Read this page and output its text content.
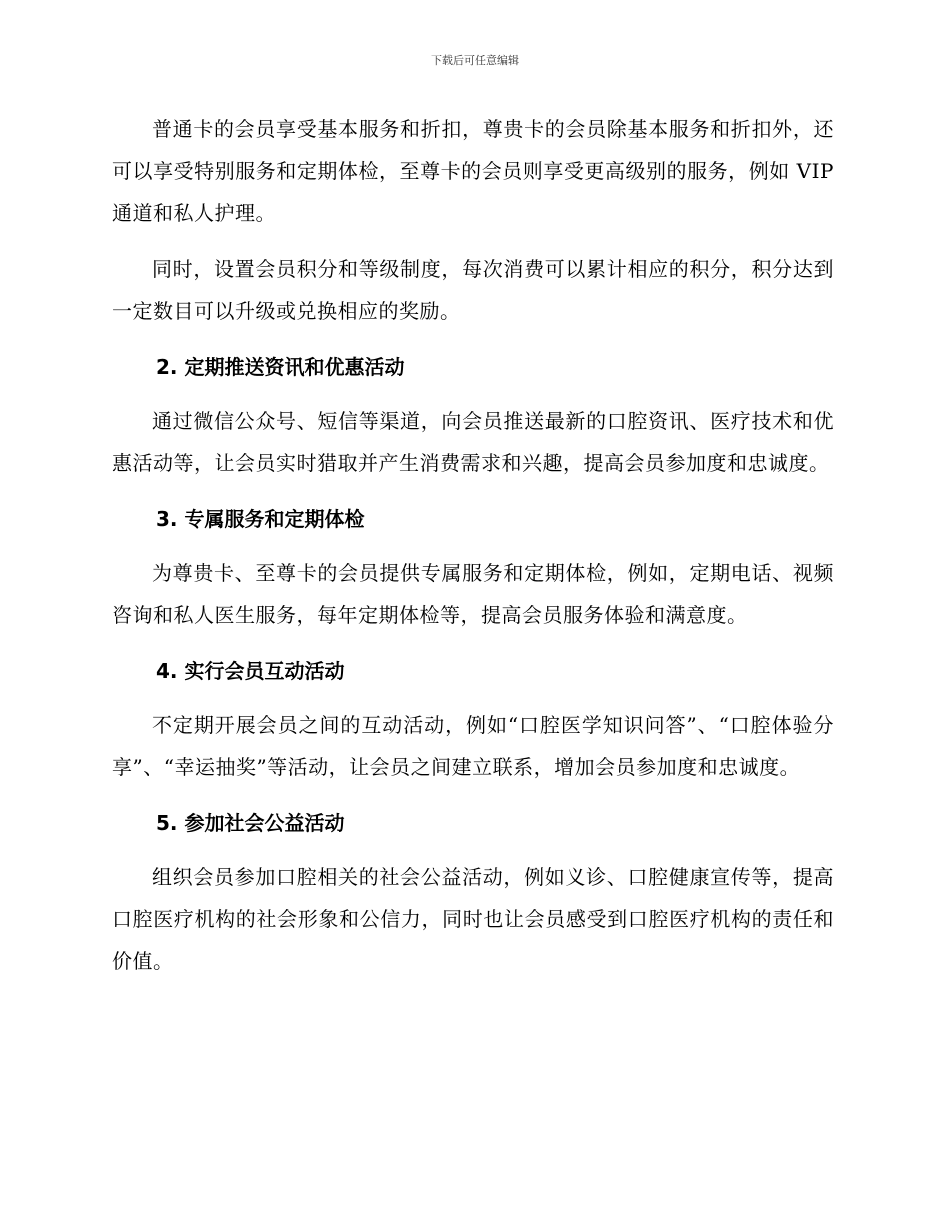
下载后可任意编辑

普通卡的会员享受基本服务和折扣，尊贵卡的会员除基本服务和折扣外，还可以享受特别服务和定期体检，至尊卡的会员则享受更高级别的服务，例如 VIP 通道和私人护理。

同时，设置会员积分和等级制度，每次消费可以累计相应的积分，积分达到一定数目可以升级或兑换相应的奖励。

2. 定期推送资讯和优惠活动

通过微信公众号、短信等渠道，向会员推送最新的口腔资讯、医疗技术和优惠活动等，让会员实时猎取并产生消费需求和兴趣，提高会员参加度和忠诚度。

3. 专属服务和定期体检

为尊贵卡、至尊卡的会员提供专属服务和定期体检，例如，定期电话、视频咨询和私人医生服务，每年定期体检等，提高会员服务体验和满意度。

4. 实行会员互动活动

不定期开展会员之间的互动活动，例如“口腔医学知识问答”、“口腔体验分享”、“幸运抽奖”等活动，让会员之间建立联系，增加会员参加度和忠诚度。

5. 参加社会公益活动

组织会员参加口腔相关的社会公益活动，例如义诊、口腔健康宣传等，提高口腔医疗机构的社会形象和公信力，同时也让会员感受到口腔医疗机构的责任和价值。
